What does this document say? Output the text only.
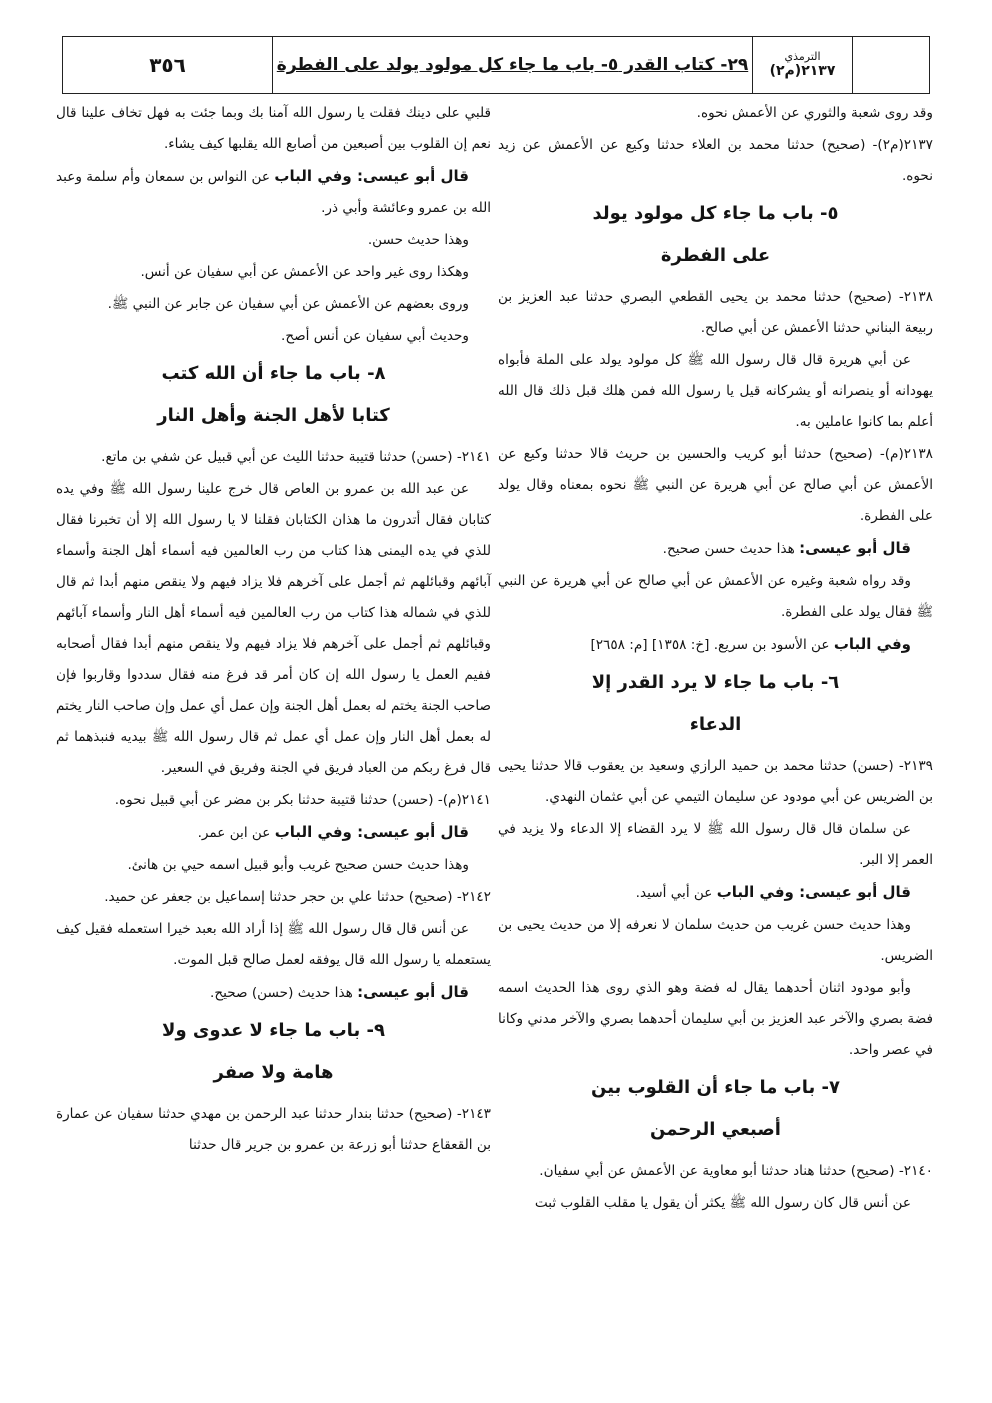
٣٥٦	٢٩- كتاب القدر ٥- باب ما جاء كل مولود يولد على الفطرة	الترمذي
٢١٣٧(م٢)

وقد روى شعبة والثوري عن الأعمش نحوه.

٢١٣٧(م٢)- (صحيح) حدثنا محمد بن العلاء حدثنا وكيع عن الأعمش عن زيد نحوه.

٥- باب ما جاء كل مولود يولد
على الفطرة

٢١٣٨- (صحيح) حدثنا محمد بن يحيى القطعي البصري حدثنا عبد العزيز بن ربيعة البناني حدثنا الأعمش عن أبي صالح.

عن أبي هريرة قال قال رسول الله ﷺ كل مولود يولد على الملة فأبواه يهودانه أو ينصرانه أو يشركانه قيل يا رسول الله فمن هلك قبل ذلك قال الله أعلم بما كانوا عاملين به.

٢١٣٨(م)- (صحيح) حدثنا أبو كريب والحسين بن حريث قالا حدثنا وكيع عن الأعمش عن أبي صالح عن أبي هريرة عن النبي ﷺ نحوه بمعناه وقال يولد على الفطرة.

قال أبو عيسى: هذا حديث حسن صحيح.

وقد رواه شعبة وغيره عن الأعمش عن أبي صالح عن أبي هريرة عن النبي ﷺ فقال يولد على الفطرة.

وفي الباب عن الأسود بن سريع. [خ: ١٣٥٨] [م: ٢٦٥٨]

٦- باب ما جاء لا يرد القدر إلا
الدعاء

٢١٣٩- (حسن) حدثنا محمد بن حميد الرازي وسعيد بن يعقوب قالا حدثنا يحيى بن الضريس عن أبي مودود عن سليمان التيمي عن أبي عثمان النهدي.

عن سلمان قال قال رسول الله ﷺ لا يرد القضاء إلا الدعاء ولا يزيد في العمر إلا البر.

قال أبو عيسى: وفي الباب عن أبي أسيد.

وهذا حديث حسن غريب من حديث سلمان لا نعرفه إلا من حديث يحيى بن الضريس.

وأبو مودود اثنان أحدهما يقال له فضة وهو الذي روى هذا الحديث اسمه فضة بصري والآخر عبد العزيز بن أبي سليمان أحدهما بصري والآخر مدني وكانا في عصر واحد.

٧- باب ما جاء أن القلوب بين
أصبعي الرحمن

٢١٤٠- (صحيح) حدثنا هناد حدثنا أبو معاوية عن الأعمش عن أبي سفيان.

عن أنس قال كان رسول الله ﷺ يكثر أن يقول يا مقلب القلوب ثبت

قلبي على دينك فقلت يا رسول الله آمنا بك وبما جئت به فهل تخاف علينا قال نعم إن القلوب بين أصبعين من أصابع الله يقلبها كيف يشاء.

قال أبو عيسى: وفي الباب عن النواس بن سمعان وأم سلمة وعبد الله بن عمرو وعائشة وأبي ذر.

وهذا حديث حسن.

وهكذا روى غير واحد عن الأعمش عن أبي سفيان عن أنس.

وروى بعضهم عن الأعمش عن أبي سفيان عن جابر عن النبي ﷺ.

وحديث أبي سفيان عن أنس أصح.

٨- باب ما جاء أن الله كتب
كتابا لأهل الجنة وأهل النار

٢١٤١- (حسن) حدثنا قتيبة حدثنا الليث عن أبي قبيل عن شفي بن ماتع.

عن عبد الله بن عمرو بن العاص قال خرج علينا رسول الله ﷺ وفي يده كتابان فقال أتدرون ما هذان الكتابان فقلنا لا يا رسول الله إلا أن تخبرنا فقال للذي في يده اليمنى هذا كتاب من رب العالمين فيه أسماء أهل الجنة وأسماء آبائهم وقبائلهم ثم أجمل على آخرهم فلا يزاد فيهم ولا ينقص منهم أبدا ثم قال للذي في شماله هذا كتاب من رب العالمين فيه أسماء أهل النار وأسماء آبائهم وقبائلهم ثم أجمل على آخرهم فلا يزاد فيهم ولا ينقص منهم أبدا فقال أصحابه ففيم العمل يا رسول الله إن كان أمر قد فرغ منه فقال سددوا وقاربوا فإن صاحب الجنة يختم له بعمل أهل الجنة وإن عمل أي عمل وإن صاحب النار يختم له بعمل أهل النار وإن عمل أي عمل ثم قال رسول الله ﷺ بيديه فنبذهما ثم قال فرغ ربكم من العباد فريق في الجنة وفريق في السعير.

٢١٤١(م)- (حسن) حدثنا قتيبة حدثنا بكر بن مضر عن أبي قبيل نحوه.

قال أبو عيسى: وفي الباب عن ابن عمر.

وهذا حديث حسن صحيح غريب وأبو قبيل اسمه حيي بن هانئ.

٢١٤٢- (صحيح) حدثنا علي بن حجر حدثنا إسماعيل بن جعفر عن حميد.

عن أنس قال قال رسول الله ﷺ إذا أراد الله بعبد خيرا استعمله فقيل كيف يستعمله يا رسول الله قال يوفقه لعمل صالح قبل الموت.

قال أبو عيسى: هذا حديث (حسن) صحيح.

٩- باب ما جاء لا عدوى ولا
هامة ولا صفر

٢١٤٣- (صحيح) حدثنا بندار حدثنا عبد الرحمن بن مهدي حدثنا سفيان عن عمارة بن القعقاع حدثنا أبو زرعة بن عمرو بن جرير قال حدثنا
